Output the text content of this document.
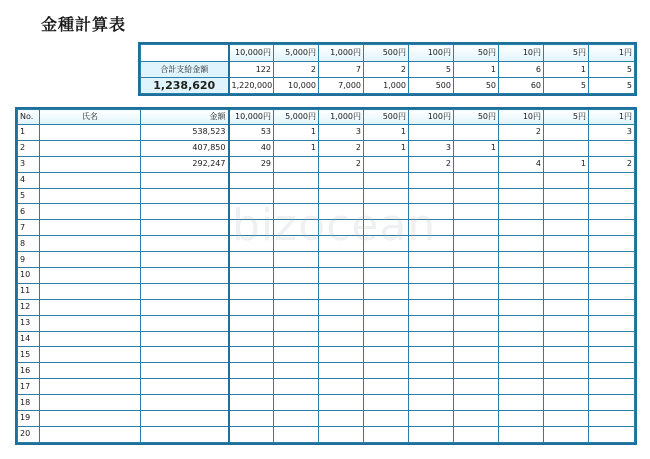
金種計算表
	10,000円	5,000円	1,000円	500円	100円	50円	10円	5円	1円
合計支給金額	122	2	7	2	5	1	6	1	5
1,238,620	1,220,000	10,000	7,000	1,000	500	50	60	5	5
No.	氏名	金額	10,000円	5,000円	1,000円	500円	100円	50円	10円	5円	1円
1		538,523	53	1	3	1			2		3
2		407,850	40	1	2	1	3	1			
3		292,247	29		2		2		4	1	2
4											
5											
6											
7											
8											
9											
10											
11											
12											
13											
14											
15											
16											
17											
18											
19											
20											
bizocean
